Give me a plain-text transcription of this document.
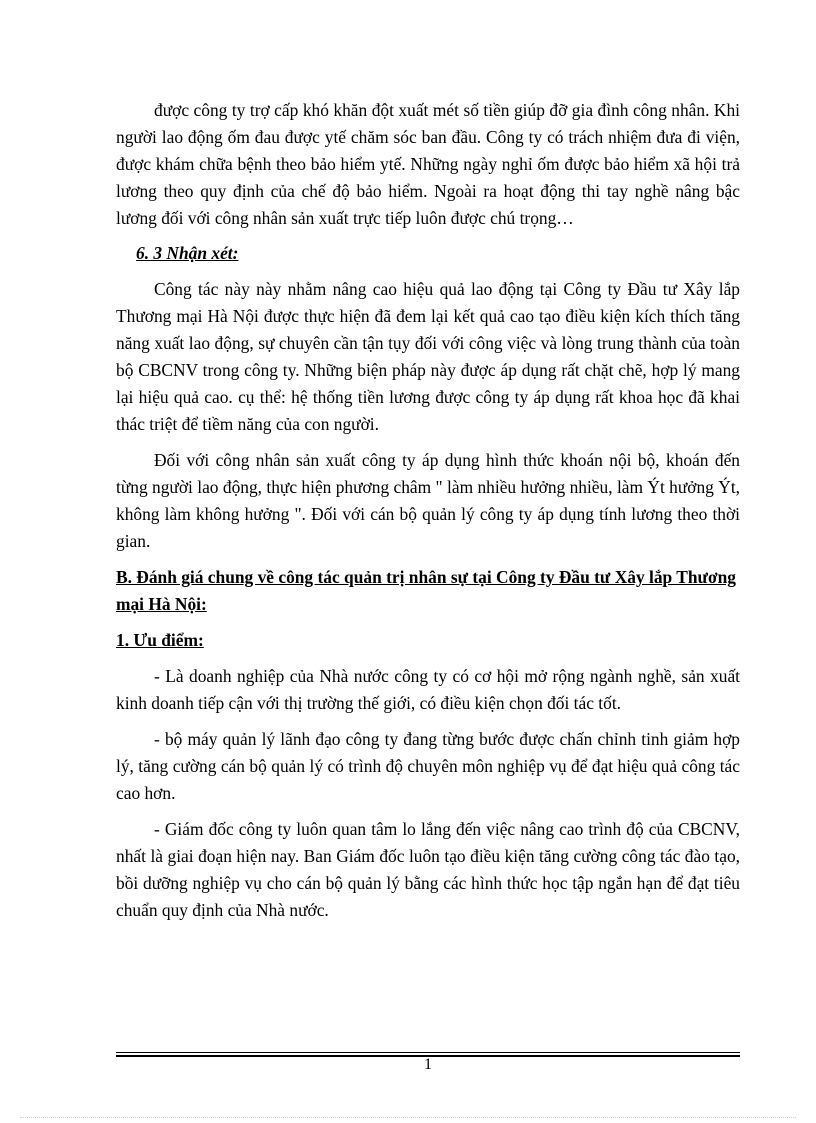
được công ty trợ cấp khó khăn đột xuất mét số tiền giúp đỡ gia đình công nhân. Khi người lao động ốm đau được ytế chăm sóc ban đầu. Công ty có trách nhiệm đưa đi viện, được khám chữa bệnh theo bảo hiểm ytế. Những ngày nghỉ ốm được bảo hiểm xã hội trả lương theo quy định của chế độ bảo hiểm. Ngoài ra hoạt động thi tay nghề nâng bậc lương đối với công nhân sản xuất trực tiếp luôn được chú trọng…

6. 3 Nhận xét:

Công tác này này nhằm nâng cao hiệu quả lao động tại Công ty Đầu tư Xây lắp Thương mại Hà Nội được thực hiện đã đem lại kết quả cao tạo điều kiện kích thích tăng năng xuất lao động, sự chuyên cần tận tụy đối với công việc và lòng trung thành của toàn bộ CBCNV trong công ty. Những biện pháp này được áp dụng rất chặt chẽ, hợp lý mang lại hiệu quả cao. cụ thể: hệ thống tiền lương được công ty áp dụng rất khoa học đã khai thác triệt để tiềm năng của con người.

Đối với công nhân sản xuất công ty áp dụng hình thức khoán nội bộ, khoán đến từng người lao động, thực hiện phương châm " làm nhiều hưởng nhiều, làm Ýt hưởng Ýt, không làm không hưởng ". Đối với cán bộ quản lý công ty áp dụng tính lương theo thời gian.

B. Đánh giá chung về công tác quản trị nhân sự tại Công ty Đầu tư Xây lắp Thương mại Hà Nội:
1. Ưu điểm:

- Là doanh nghiệp của Nhà nước công ty có cơ hội mở rộng ngành nghề, sản xuất kinh doanh tiếp cận với thị trường thế giới, có điều kiện chọn đối tác tốt.

- bộ máy quản lý lãnh đạo công ty đang từng bước được chấn chỉnh tinh giảm hợp lý, tăng cường cán bộ quản lý có trình độ chuyên môn nghiệp vụ để đạt hiệu quả công tác cao hơn.

- Giám đốc công ty luôn quan tâm lo lắng đến việc nâng cao trình độ của CBCNV, nhất là giai đoạn hiện nay. Ban Giám đốc luôn tạo điều kiện tăng cường công tác đào tạo, bồi dưỡng nghiệp vụ cho cán bộ quản lý bằng các hình thức học tập ngắn hạn để đạt tiêu chuẩn quy định của Nhà nước.

1
